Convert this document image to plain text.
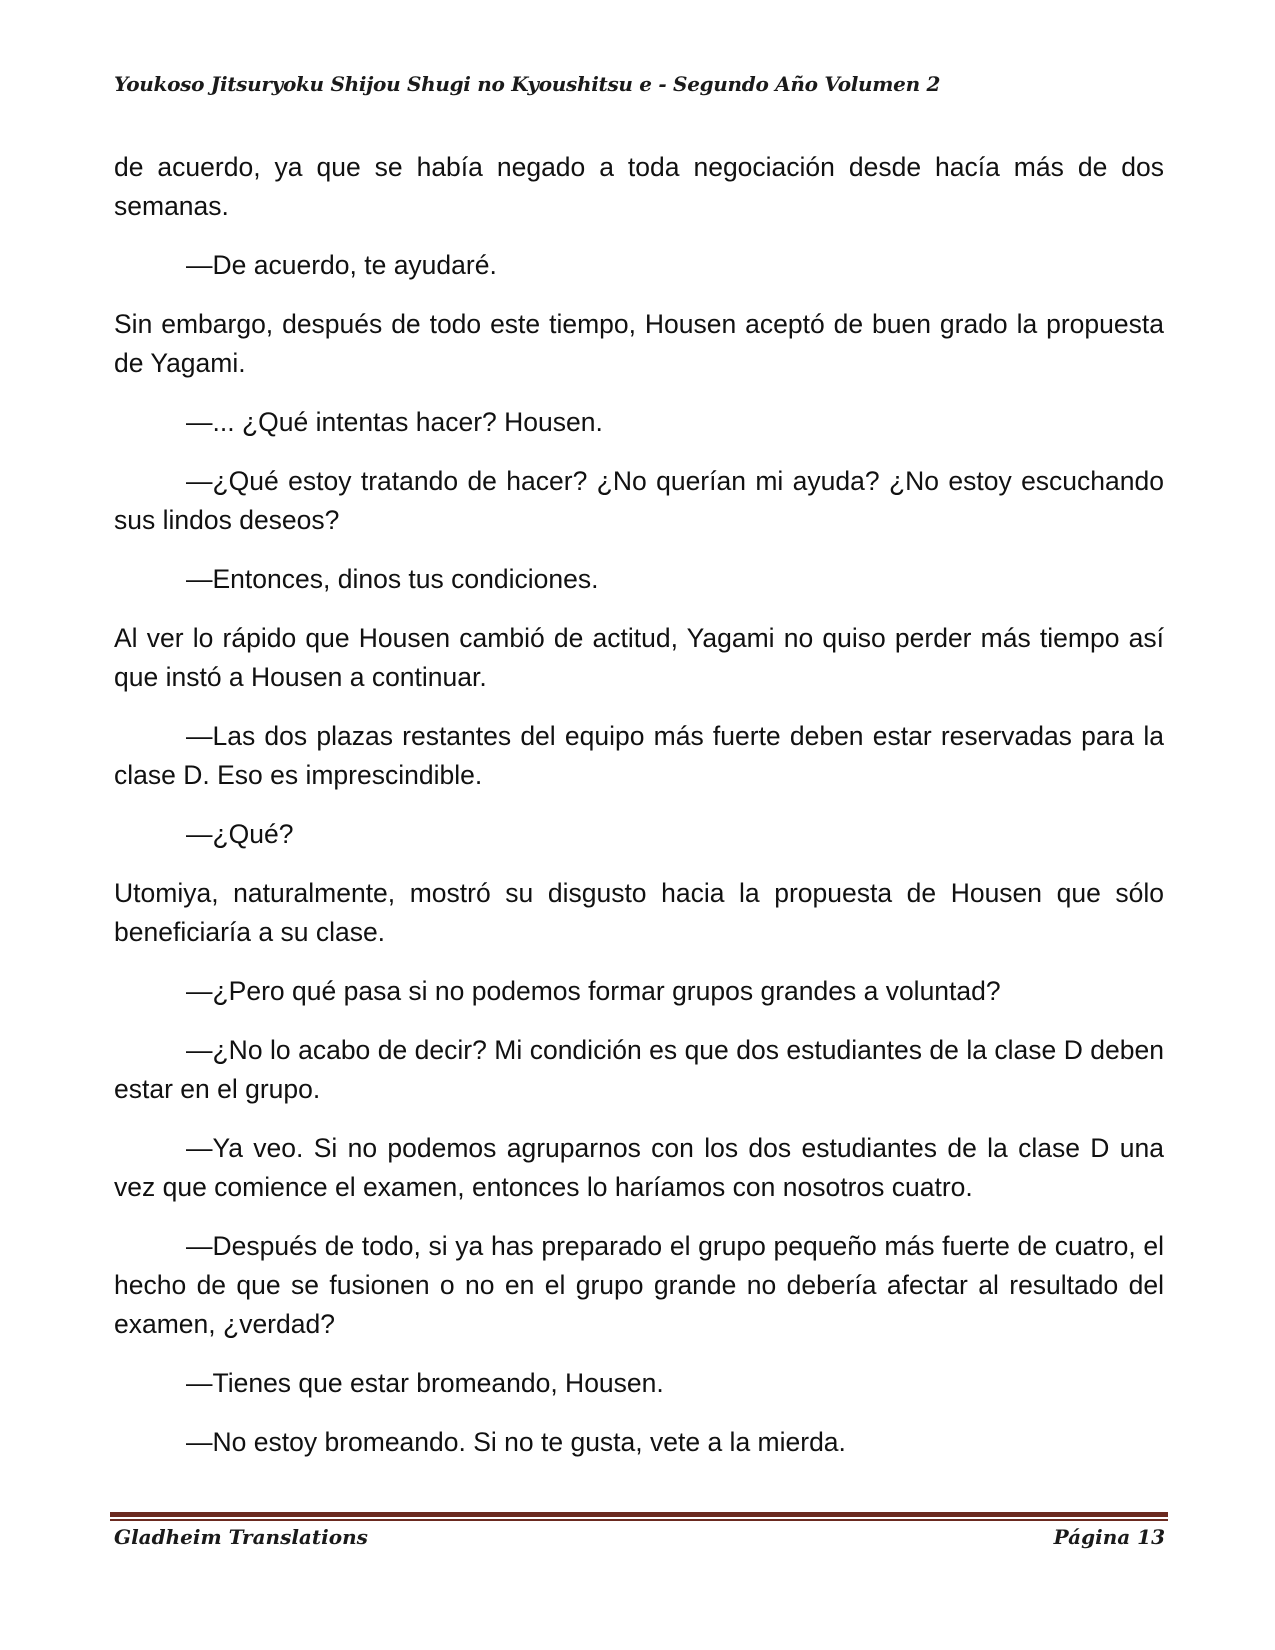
Youkoso Jitsuryoku Shijou Shugi no Kyoushitsu e - Segundo Año Volumen 2

de acuerdo, ya que se había negado a toda negociación desde hacía más de dos semanas.

—De acuerdo, te ayudaré.

Sin embargo, después de todo este tiempo, Housen aceptó de buen grado la propuesta de Yagami.

—... ¿Qué intentas hacer? Housen.

—¿Qué estoy tratando de hacer? ¿No querían mi ayuda? ¿No estoy escuchando sus lindos deseos?

—Entonces, dinos tus condiciones.

Al ver lo rápido que Housen cambió de actitud, Yagami no quiso perder más tiempo así que instó a Housen a continuar.

—Las dos plazas restantes del equipo más fuerte deben estar reservadas para la clase D. Eso es imprescindible.

—¿Qué?

Utomiya, naturalmente, mostró su disgusto hacia la propuesta de Housen que sólo beneficiaría a su clase.

—¿Pero qué pasa si no podemos formar grupos grandes a voluntad?

—¿No lo acabo de decir? Mi condición es que dos estudiantes de la clase D deben estar en el grupo.

—Ya veo. Si no podemos agruparnos con los dos estudiantes de la clase D una vez que comience el examen, entonces lo haríamos con nosotros cuatro.

—Después de todo, si ya has preparado el grupo pequeño más fuerte de cuatro, el hecho de que se fusionen o no en el grupo grande no debería afectar al resultado del examen, ¿verdad?

—Tienes que estar bromeando, Housen.

—No estoy bromeando. Si no te gusta, vete a la mierda.

Gladheim Translations	Página 13
